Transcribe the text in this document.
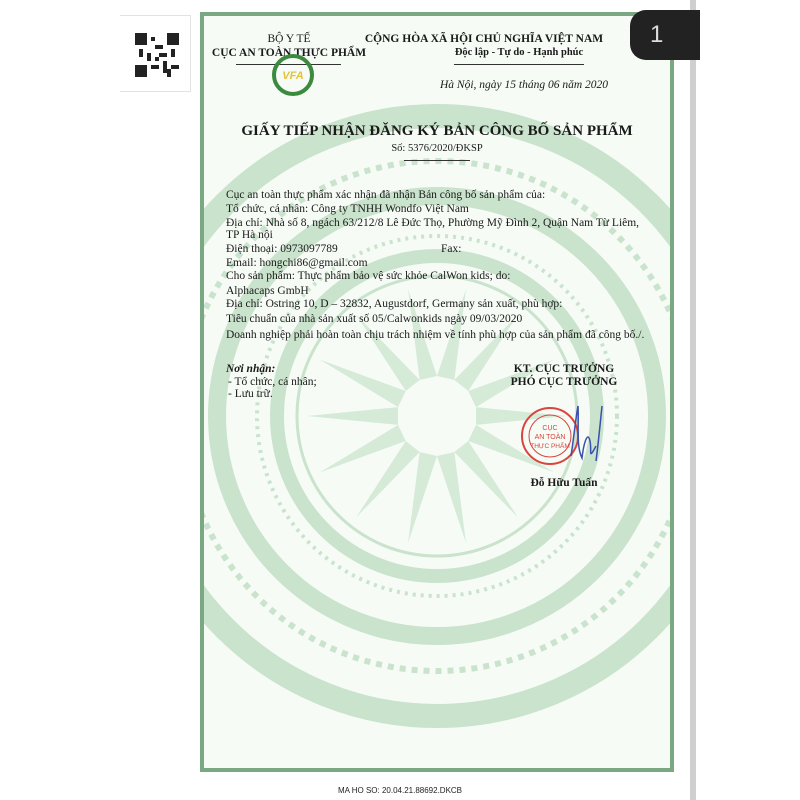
BỘ Y TẾ
CỤC AN TOÀN THỰC PHẨM
VFA
CỘNG HÒA XÃ HỘI CHỦ NGHĨA VIỆT NAM
Độc lập - Tự do - Hạnh phúc
Hà Nội, ngày 15 tháng 06 năm 2020
GIẤY TIẾP NHẬN ĐĂNG KÝ BẢN CÔNG BỐ SẢN PHẨM
Số: 5376/2020/ĐKSP
Cục an toàn thực phẩm xác nhận đã nhận Bản công bố sản phẩm của:
Tổ chức, cá nhân: Công ty TNHH Wondfo Việt Nam
Địa chỉ: Nhà số 8, ngách 63/212/8 Lê Đức Thọ, Phường Mỹ Đình 2, Quận Nam Từ Liêm,
TP Hà nội
Điện thoại: 0973097789	Fax:
Email: hongchi86@gmail.com
Cho sản phẩm: Thực phẩm bảo vệ sức khỏe CalWon kids; do:
Alphacaps GmbH
Địa chỉ: Ostring 10, D – 32832, Augustdorf, Germany sản xuất, phù hợp:
Tiêu chuẩn của nhà sản xuất số 05/Calwonkids ngày 09/03/2020
Doanh nghiệp phải hoàn toàn chịu trách nhiệm về tính phù hợp của sản phẩm đã công bố./.
Nơi nhận:
- Tổ chức, cá nhân;
- Lưu trữ.
KT. CỤC TRƯỞNG
PHÓ CỤC TRƯỞNG
CỤC
AN TOÀN
THỰC PHẨM
Đỗ Hữu Tuấn
1
MA HO SO: 20.04.21.88692.DKCB
